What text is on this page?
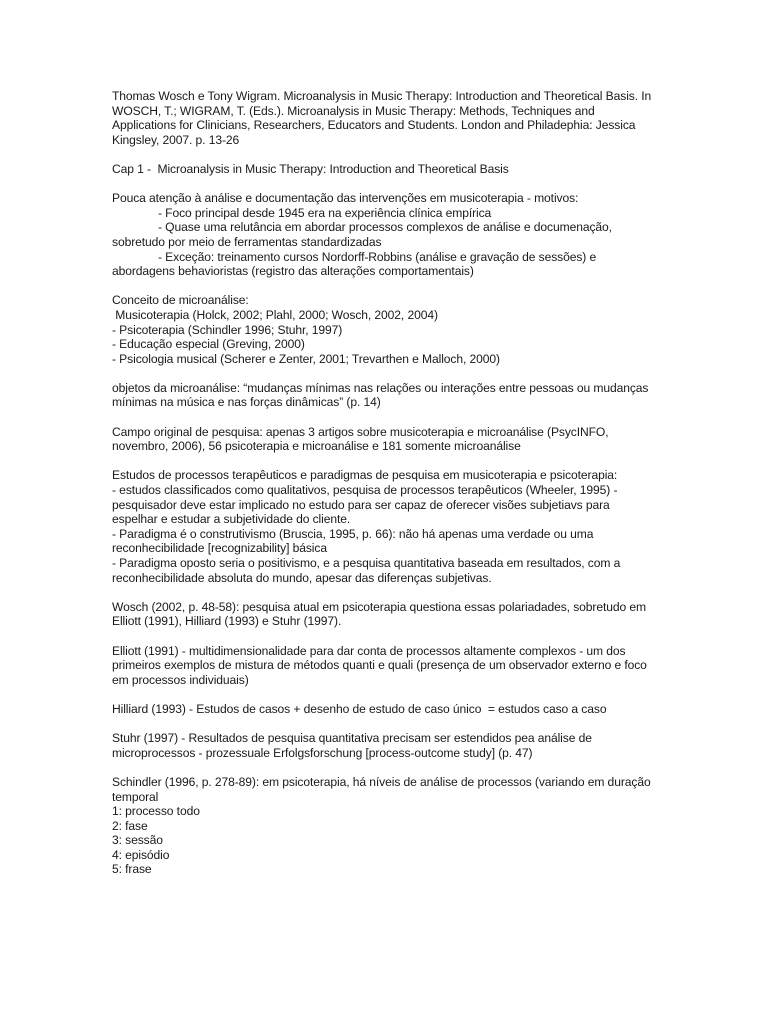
Thomas Wosch e Tony Wigram. Microanalysis in Music Therapy: Introduction and Theoretical Basis. In WOSCH, T.; WIGRAM, T. (Eds.). Microanalysis in Music Therapy: Methods, Techniques and Applications for Clinicians, Researchers, Educators and Students. London and Philadephia: Jessica Kingsley, 2007. p. 13-26
Cap 1 -  Microanalysis in Music Therapy: Introduction and Theoretical Basis
Pouca atenção à análise e documentação das intervenções em musicoterapia - motivos:
- Foco principal desde 1945 era na experiência clínica empírica
- Quase uma relutância em abordar processos complexos de análise e documenação,
sobretudo por meio de ferramentas standardizadas
- Exceção: treinamento cursos Nordorff-Robbins (análise e gravação de sessões) e
abordagens behavioristas (registro das alterações comportamentais)
Conceito de microanálise:
Musicoterapia (Holck, 2002; Plahl, 2000; Wosch, 2002, 2004)
- Psicoterapia (Schindler 1996; Stuhr, 1997)
- Educação especial (Greving, 2000)
- Psicologia musical (Scherer e Zenter, 2001; Trevarthen e Malloch, 2000)
objetos da microanálise: “mudanças mínimas nas relações ou interações entre pessoas ou mudanças mínimas na música e nas forças dinâmicas” (p. 14)
Campo original de pesquisa: apenas 3 artigos sobre musicoterapia e microanálise (PsycINFO, novembro, 2006), 56 psicoterapia e microanálise e 181 somente microanálise
Estudos de processos terapêuticos e paradigmas de pesquisa em musicoterapia e psicoterapia:
- estudos classificados como qualitativos, pesquisa de processos terapêuticos (Wheeler, 1995) - pesquisador deve estar implicado no estudo para ser capaz de oferecer visões subjetiavs para espelhar e estudar a subjetividade do cliente.
- Paradigma é o construtivismo (Bruscia, 1995, p. 66): não há apenas uma verdade ou uma reconhecibilidade [recognizability] básica
- Paradigma oposto seria o positivismo, e a pesquisa quantitativa baseada em resultados, com a reconhecibilidade absoluta do mundo, apesar das diferenças subjetivas.
Wosch (2002, p. 48-58): pesquisa atual em psicoterapia questiona essas polariadades, sobretudo em Elliott (1991), Hilliard (1993) e Stuhr (1997).
Elliott (1991) - multidimensionalidade para dar conta de processos altamente complexos - um dos primeiros exemplos de mistura de métodos quanti e quali (presença de um observador externo e foco em processos individuais)
Hilliard (1993) - Estudos de casos + desenho de estudo de caso único  = estudos caso a caso
Stuhr (1997) - Resultados de pesquisa quantitativa precisam ser estendidos pea análise de microprocessos - prozessuale Erfolgsforschung [process-outcome study] (p. 47)
Schindler (1996, p. 278-89): em psicoterapia, há níveis de análise de processos (variando em duração temporal
1: processo todo
2: fase
3: sessão
4: episódio
5: frase
